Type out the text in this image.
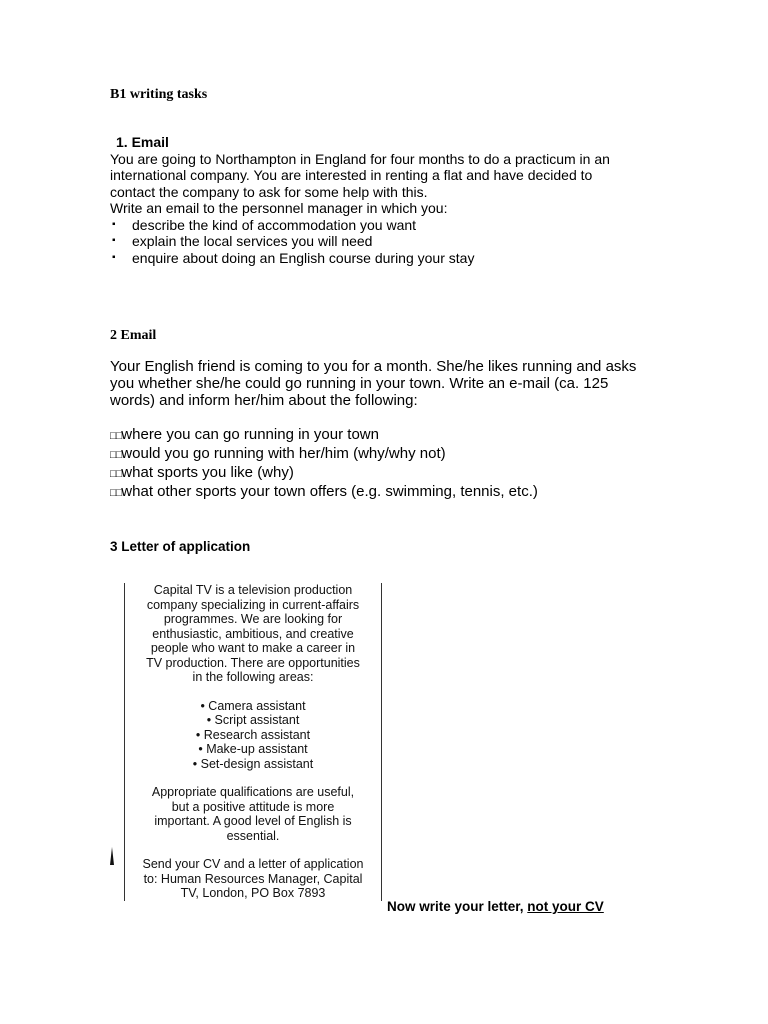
B1 writing tasks
1. Email
You are going to Northampton in England for four months to do a practicum in an
international company. You are interested in renting a flat and have decided to
contact the company to ask for some help with this.
Write an email to the personnel manager in which you:
▪ describe the kind of accommodation you want
▪ explain the local services you will need
▪ enquire about doing an English course during your stay
2 Email
Your English friend is coming to you for a month. She/he likes running and asks
you whether she/he could go running in your town. Write an e-mail (ca. 125
words) and inform her/him about the following:
□□where you can go running in your town
□□would you go running with her/him (why/why not)
□□what sports you like (why)
□□what other sports your town offers (e.g. swimming, tennis, etc.)
3 Letter of application

Capital TV is a television production

company specializing in current-affairs

programmes. We are looking for

enthusiastic, ambitious, and creative

people who want to make a career in

TV production. There are opportunities

in the following areas:

• Camera assistant

• Script assistant

• Research assistant

• Make-up assistant

• Set-design assistant

Appropriate qualifications are useful,

but a positive attitude is more

important. A good level of English is

essential.

Send your CV and a letter of application

to: Human Resources Manager, Capital

TV, London, PO Box 7893

Now write your letter, not your CV
